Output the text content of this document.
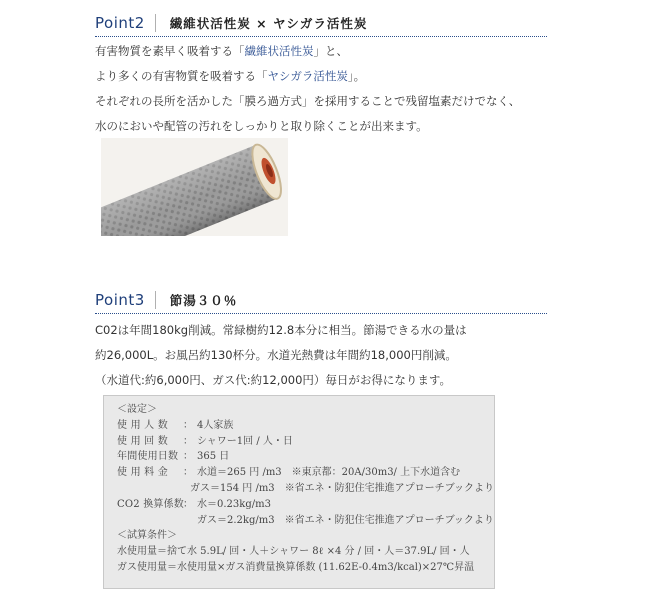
Point2	繊維状活性炭 × ヤシガラ活性炭

有害物質を素早く吸着する「繊維状活性炭」と、

より多くの有害物質を吸着する「ヤシガラ活性炭」。

それぞれの長所を活かした「膜ろ過方式」を採用することで残留塩素だけでなく、

水のにおいや配管の汚れをしっかりと取り除くことが出来ます。

Point3	節湯３０％

C02は年間180kg削減。常緑樹約12.8本分に相当。節湯できる水の量は

約26,000L。お風呂約130杯分。水道光熱費は年間約18,000円削減。

（水道代:約6,000円、ガス代:約12,000円）毎日がお得になります。

＜設定＞
使 用 人 数	： 4人家族
使 用 回 数	： シャワー1回 / 人・日
年間使用日数 ： 365 日
使 用 料 金	： 水道＝265 円 /m3 ※東京都：20A/30m3/ 上下水道含む
ガス＝154 円 /m3 ※省エネ・防犯住宅推進アプローチブックより
CO2 換算係数 ： 水＝0.23kg/m3
ガス＝2.2kg/m3 ※省エネ・防犯住宅推進アプローチブックより
＜試算条件＞
水使用量＝捨て水 5.9L/ 回・人＋シャワー 8ℓ ×4 分 / 回・人＝37.9L/ 回・人
ガス使用量＝水使用量×ガス消費量換算係数 (11.62E-0.4m3/kcal)×27℃昇温
